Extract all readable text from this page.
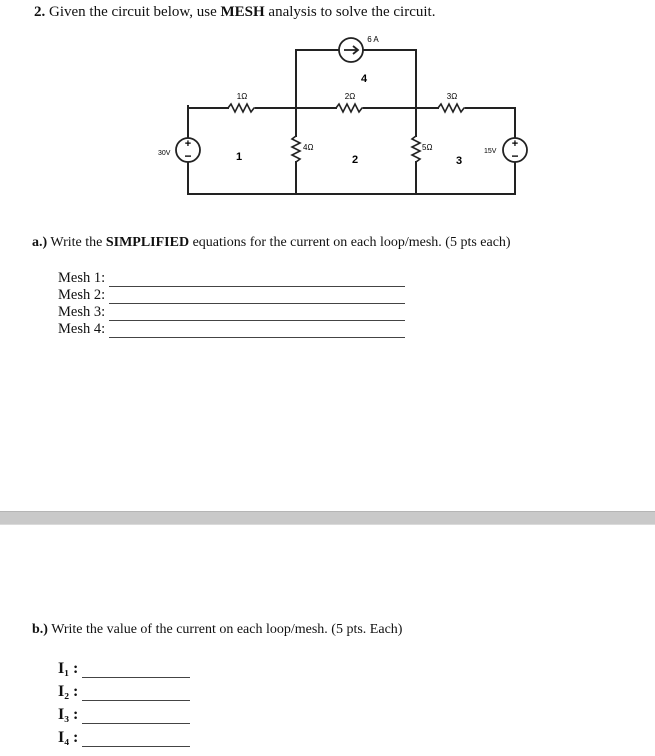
2. Given the circuit below, use MESH analysis to solve the circuit.
+
−
+
−
6 A
1Ω	2Ω	3Ω
4Ω	5Ω
30V	15V
1	2	3
4
a.) Write the SIMPLIFIED equations for the current on each loop/mesh. (5 pts each)
Mesh 1:
Mesh 2:
Mesh 3:
Mesh 4:
b.) Write the value of the current on each loop/mesh. (5 pts. Each)
I₁ :
I₂ :
I₃ :
I₄ :
